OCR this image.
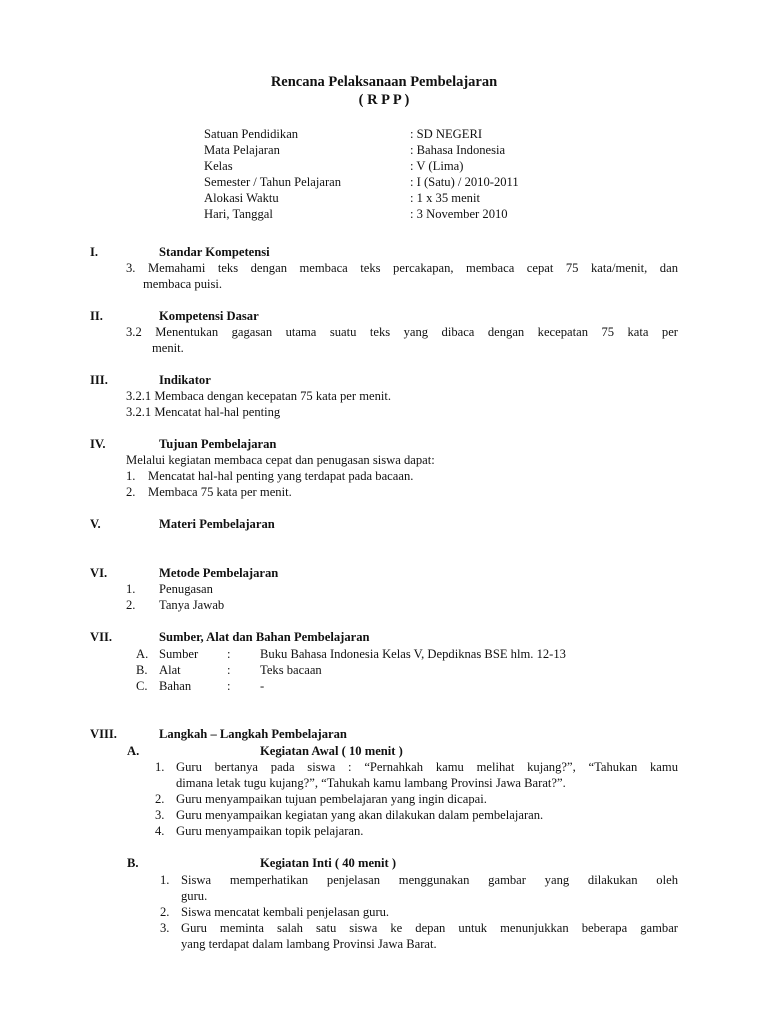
Rencana Pelaksanaan Pembelajaran
( R P P )
Satuan Pendidikan	: SD NEGERI
Mata Pelajaran	: Bahasa Indonesia
Kelas	: V (Lima)
Semester / Tahun Pelajaran	: I (Satu) / 2010-2011
Alokasi Waktu	: 1 x 35 menit
Hari, Tanggal	: 3 November 2010
I.	Standar Kompetensi
3. Memahami teks dengan membaca teks percakapan, membaca cepat 75 kata/menit, dan
membaca puisi.
II.	Kompetensi Dasar
3.2 Menentukan gagasan utama suatu teks yang dibaca dengan kecepatan 75 kata per
menit.
III.	Indikator
3.2.1 Membaca dengan kecepatan 75 kata per menit.
3.2.1 Mencatat hal-hal penting
IV.	Tujuan Pembelajaran
Melalui kegiatan membaca cepat dan penugasan siswa dapat:
1. Mencatat hal-hal penting yang terdapat pada bacaan.
2. Membaca 75 kata per menit.
V.	Materi Pembelajaran
VI.	Metode Pembelajaran
1. Penugasan
2. Tanya Jawab
VII.	Sumber, Alat dan Bahan Pembelajaran
A. Sumber : Buku Bahasa Indonesia Kelas V, Depdiknas BSE hlm. 12-13
B. Alat	: Teks bacaan
C. Bahan	: -
VIII.	Langkah – Langkah Pembelajaran
A.	Kegiatan Awal ( 10 menit )
1. Guru bertanya pada siswa : “Pernahkah kamu melihat kujang?”, “Tahukan kamu
dimana letak tugu kujang?”, “Tahukah kamu lambang Provinsi Jawa Barat?”.
2. Guru menyampaikan tujuan pembelajaran yang ingin dicapai.
3. Guru menyampaikan kegiatan yang akan dilakukan dalam pembelajaran.
4. Guru menyampaikan topik pelajaran.
B.	Kegiatan Inti ( 40 menit )
1. Siswa memperhatikan penjelasan menggunakan gambar yang dilakukan oleh
guru.
2. Siswa mencatat kembali penjelasan guru.
3. Guru meminta salah satu siswa ke depan untuk menunjukkan beberapa gambar
yang terdapat dalam lambang Provinsi Jawa Barat.
